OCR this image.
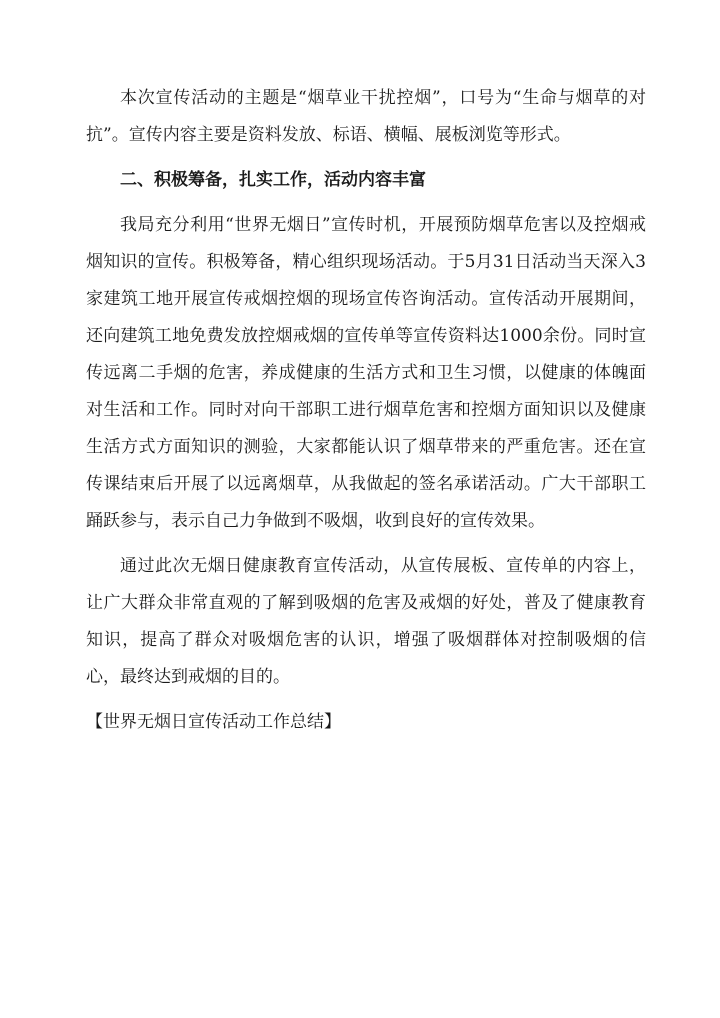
本次宣传活动的主题是“烟草业干扰控烟”，口号为“生命与烟草的对抗”。宣传内容主要是资料发放、标语、横幅、展板浏览等形式。

二、积极筹备，扎实工作，活动内容丰富

我局充分利用“世界无烟日”宣传时机，开展预防烟草危害以及控烟戒烟知识的宣传。积极筹备，精心组织现场活动。于5月31日活动当天深入3家建筑工地开展宣传戒烟控烟的现场宣传咨询活动。宣传活动开展期间，还向建筑工地免费发放控烟戒烟的宣传单等宣传资料达1000余份。同时宣传远离二手烟的危害，养成健康的生活方式和卫生习惯，以健康的体魄面对生活和工作。同时对向干部职工进行烟草危害和控烟方面知识以及健康生活方式方面知识的测验，大家都能认识了烟草带来的严重危害。还在宣传课结束后开展了以远离烟草，从我做起的签名承诺活动。广大干部职工踊跃参与，表示自己力争做到不吸烟，收到良好的宣传效果。

通过此次无烟日健康教育宣传活动，从宣传展板、宣传单的内容上，让广大群众非常直观的了解到吸烟的危害及戒烟的好处，普及了健康教育知识，提高了群众对吸烟危害的认识，增强了吸烟群体对控制吸烟的信心，最终达到戒烟的目的。

【世界无烟日宣传活动工作总结】
